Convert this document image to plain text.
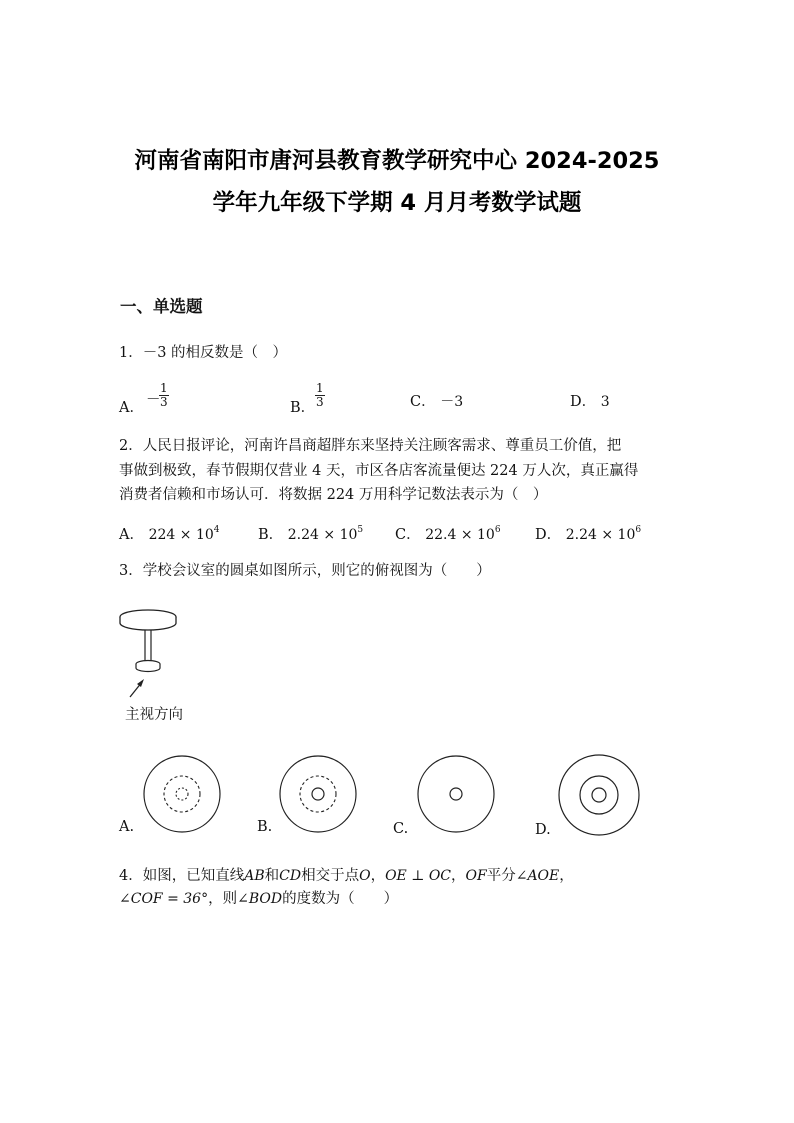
河南省南阳市唐河县教育教学研究中心 2024-2025
学年九年级下学期 4 月月考数学试题
一、单选题
1．－3 的相反数是（　）
A． －
$\frac{1}{3}$	B． $\frac{1}{3}$	C． －3	D． 3
2．人民日报评论，河南许昌商超胖东来坚持关注顾客需求、尊重员工价值，把
事做到极致，春节假期仅营业 4 天，市区各店客流量便达 224 万人次，真正赢得
消费者信赖和市场认可．将数据 224 万用科学记数法表示为（　）
A． $224 \times 10^4$	B． $2.24 \times 10^5$ C． $22.4 \times 10^6$ D． $2.24 \times 10^6$
3．学校会议室的圆桌如图所示，则它的俯视图为（　　）
主视方向
A.	B.	C.	D.
4．如图，已知直线AB和CD相交于点O，OE ⊥ OC，OF平分∠AOE，
∠COF = 36°，则∠BOD的度数为（　　）
